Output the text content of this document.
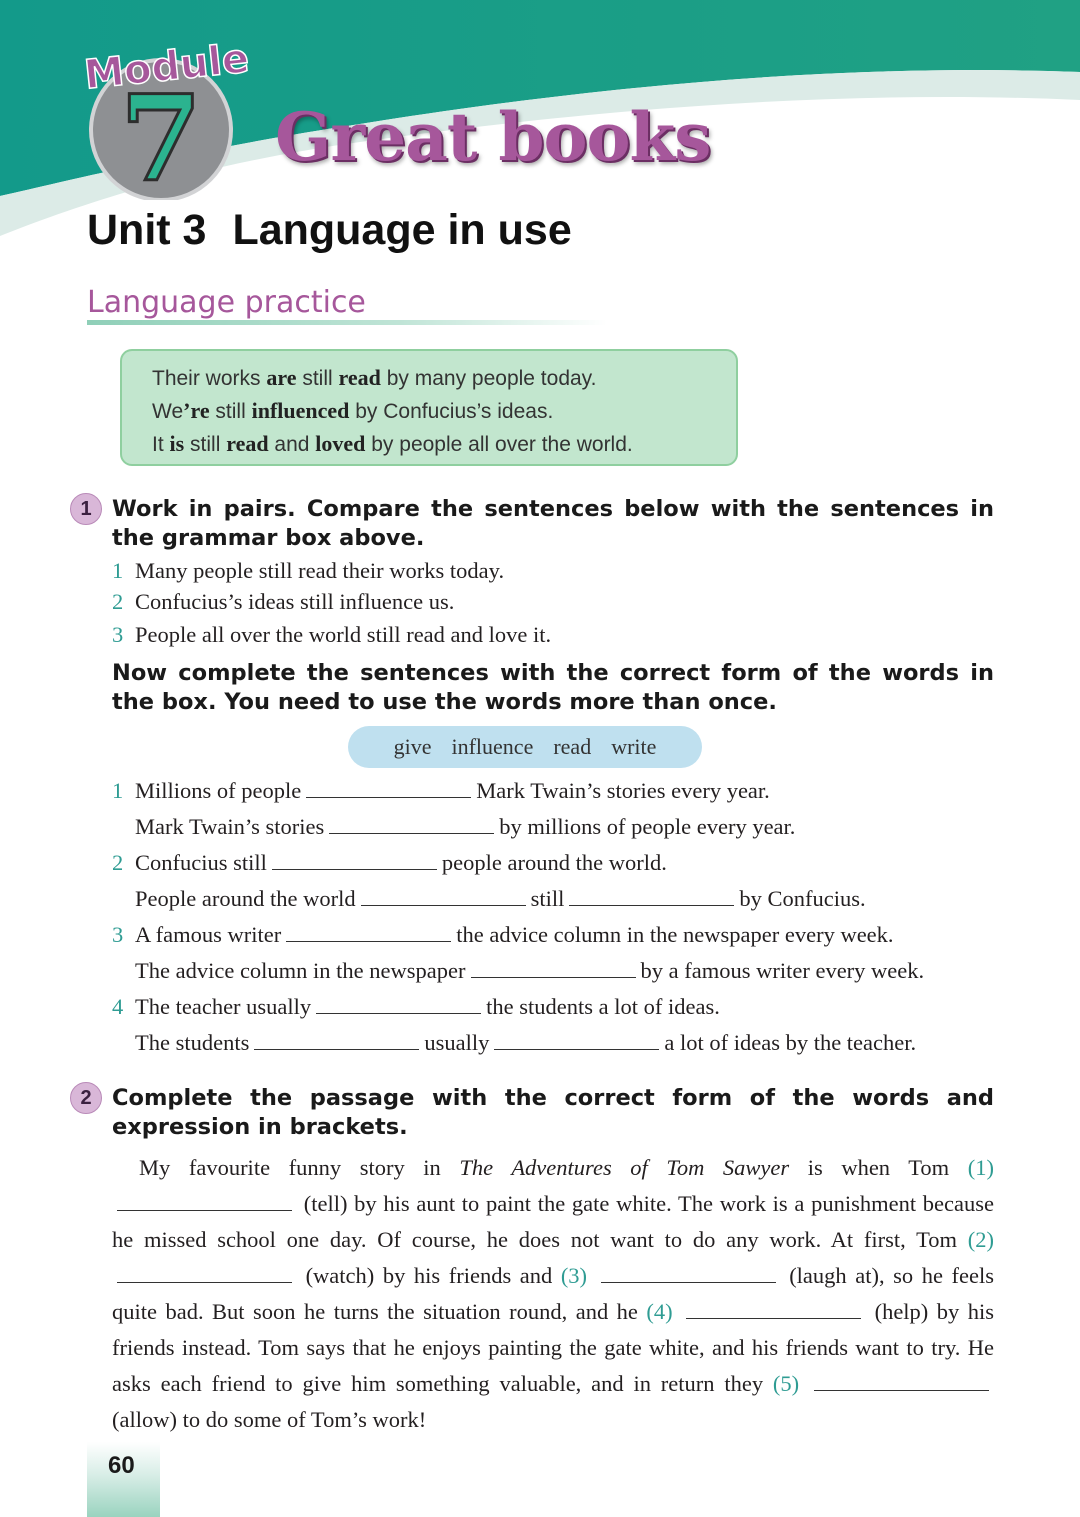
7
Module
Great books
Unit 3 Language in use
Language practice
Their works are still read by many people today.
We’re still influenced by Confucius’s ideas.
It is still read and loved by people all over the world.
1 Work in pairs. Compare the sentences below with the sentences in the grammar box above.
1 Many people still read their works today.
2 Confucius’s ideas still influence us.
3 People all over the world still read and love it.
Now complete the sentences with the correct form of the words in the box. You need to use the words more than once.
give influence read write
1 Millions of people	Mark Twain’s stories every year.
Mark Twain’s stories	by millions of people every year.
2 Confucius still	people around the world.
People around the world	still	by Confucius.
3 A famous writer	the advice column in the newspaper every week.
The advice column in the newspaper	by a famous writer every week.
4 The teacher usually	the students a lot of ideas.
The students	usually	a lot of ideas by the teacher.
2 Complete the passage with the correct form of the words and expression in brackets.
My favourite funny story in The Adventures of Tom Sawyer is when Tom (1)  (tell) by his aunt to paint the gate white. The work is a punishment because he missed school one day. Of course, he does not want to do any work. At first, Tom (2)  (watch) by his friends and (3)	(laugh at), so he feels quite bad. But soon he turns the situation round, and he (4)	(help) by his friends instead. Tom says that he enjoys painting the gate white, and his friends want to try. He asks each friend to give him something valuable, and in return they (5)  (allow) to do some of Tom’s work!
60
